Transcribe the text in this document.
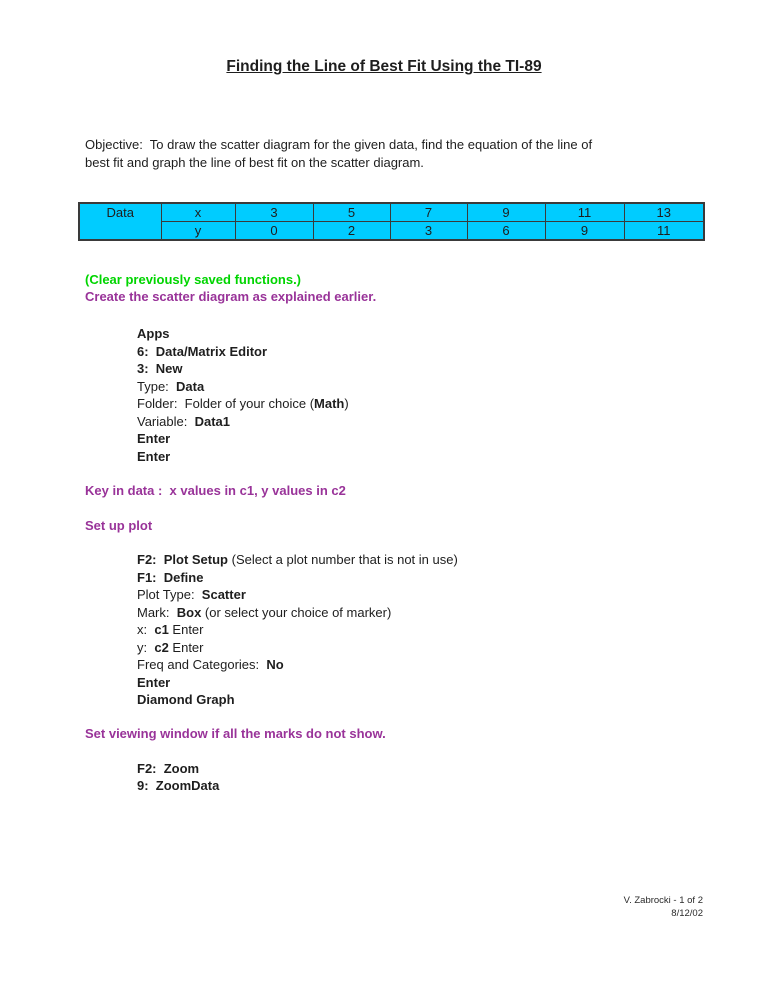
Finding the Line of Best Fit Using the TI-89
Objective:  To draw the scatter diagram for the given data, find the equation of the line of
best fit and graph the line of best fit on the scatter diagram.
Data	x	3	5	7	9	11	13
	y	0	2	3	6	9	11
(Clear previously saved functions.)
Create the scatter diagram as explained earlier.
Apps
6:  Data/Matrix Editor
3:  New
Type:  Data
Folder:  Folder of your choice (Math)
Variable:  Data1
Enter
Enter
Key in data :  x values in c1, y values in c2
Set up plot
F2:  Plot Setup (Select a plot number that is not in use)
F1:  Define
Plot Type:  Scatter
Mark:  Box (or select your choice of marker)
x:  c1 Enter
y:  c2 Enter
Freq and Categories:  No
Enter
Diamond Graph
Set viewing window if all the marks do not show.
F2:  Zoom
9:  ZoomData
V. Zabrocki - 1 of 2
8/12/02
